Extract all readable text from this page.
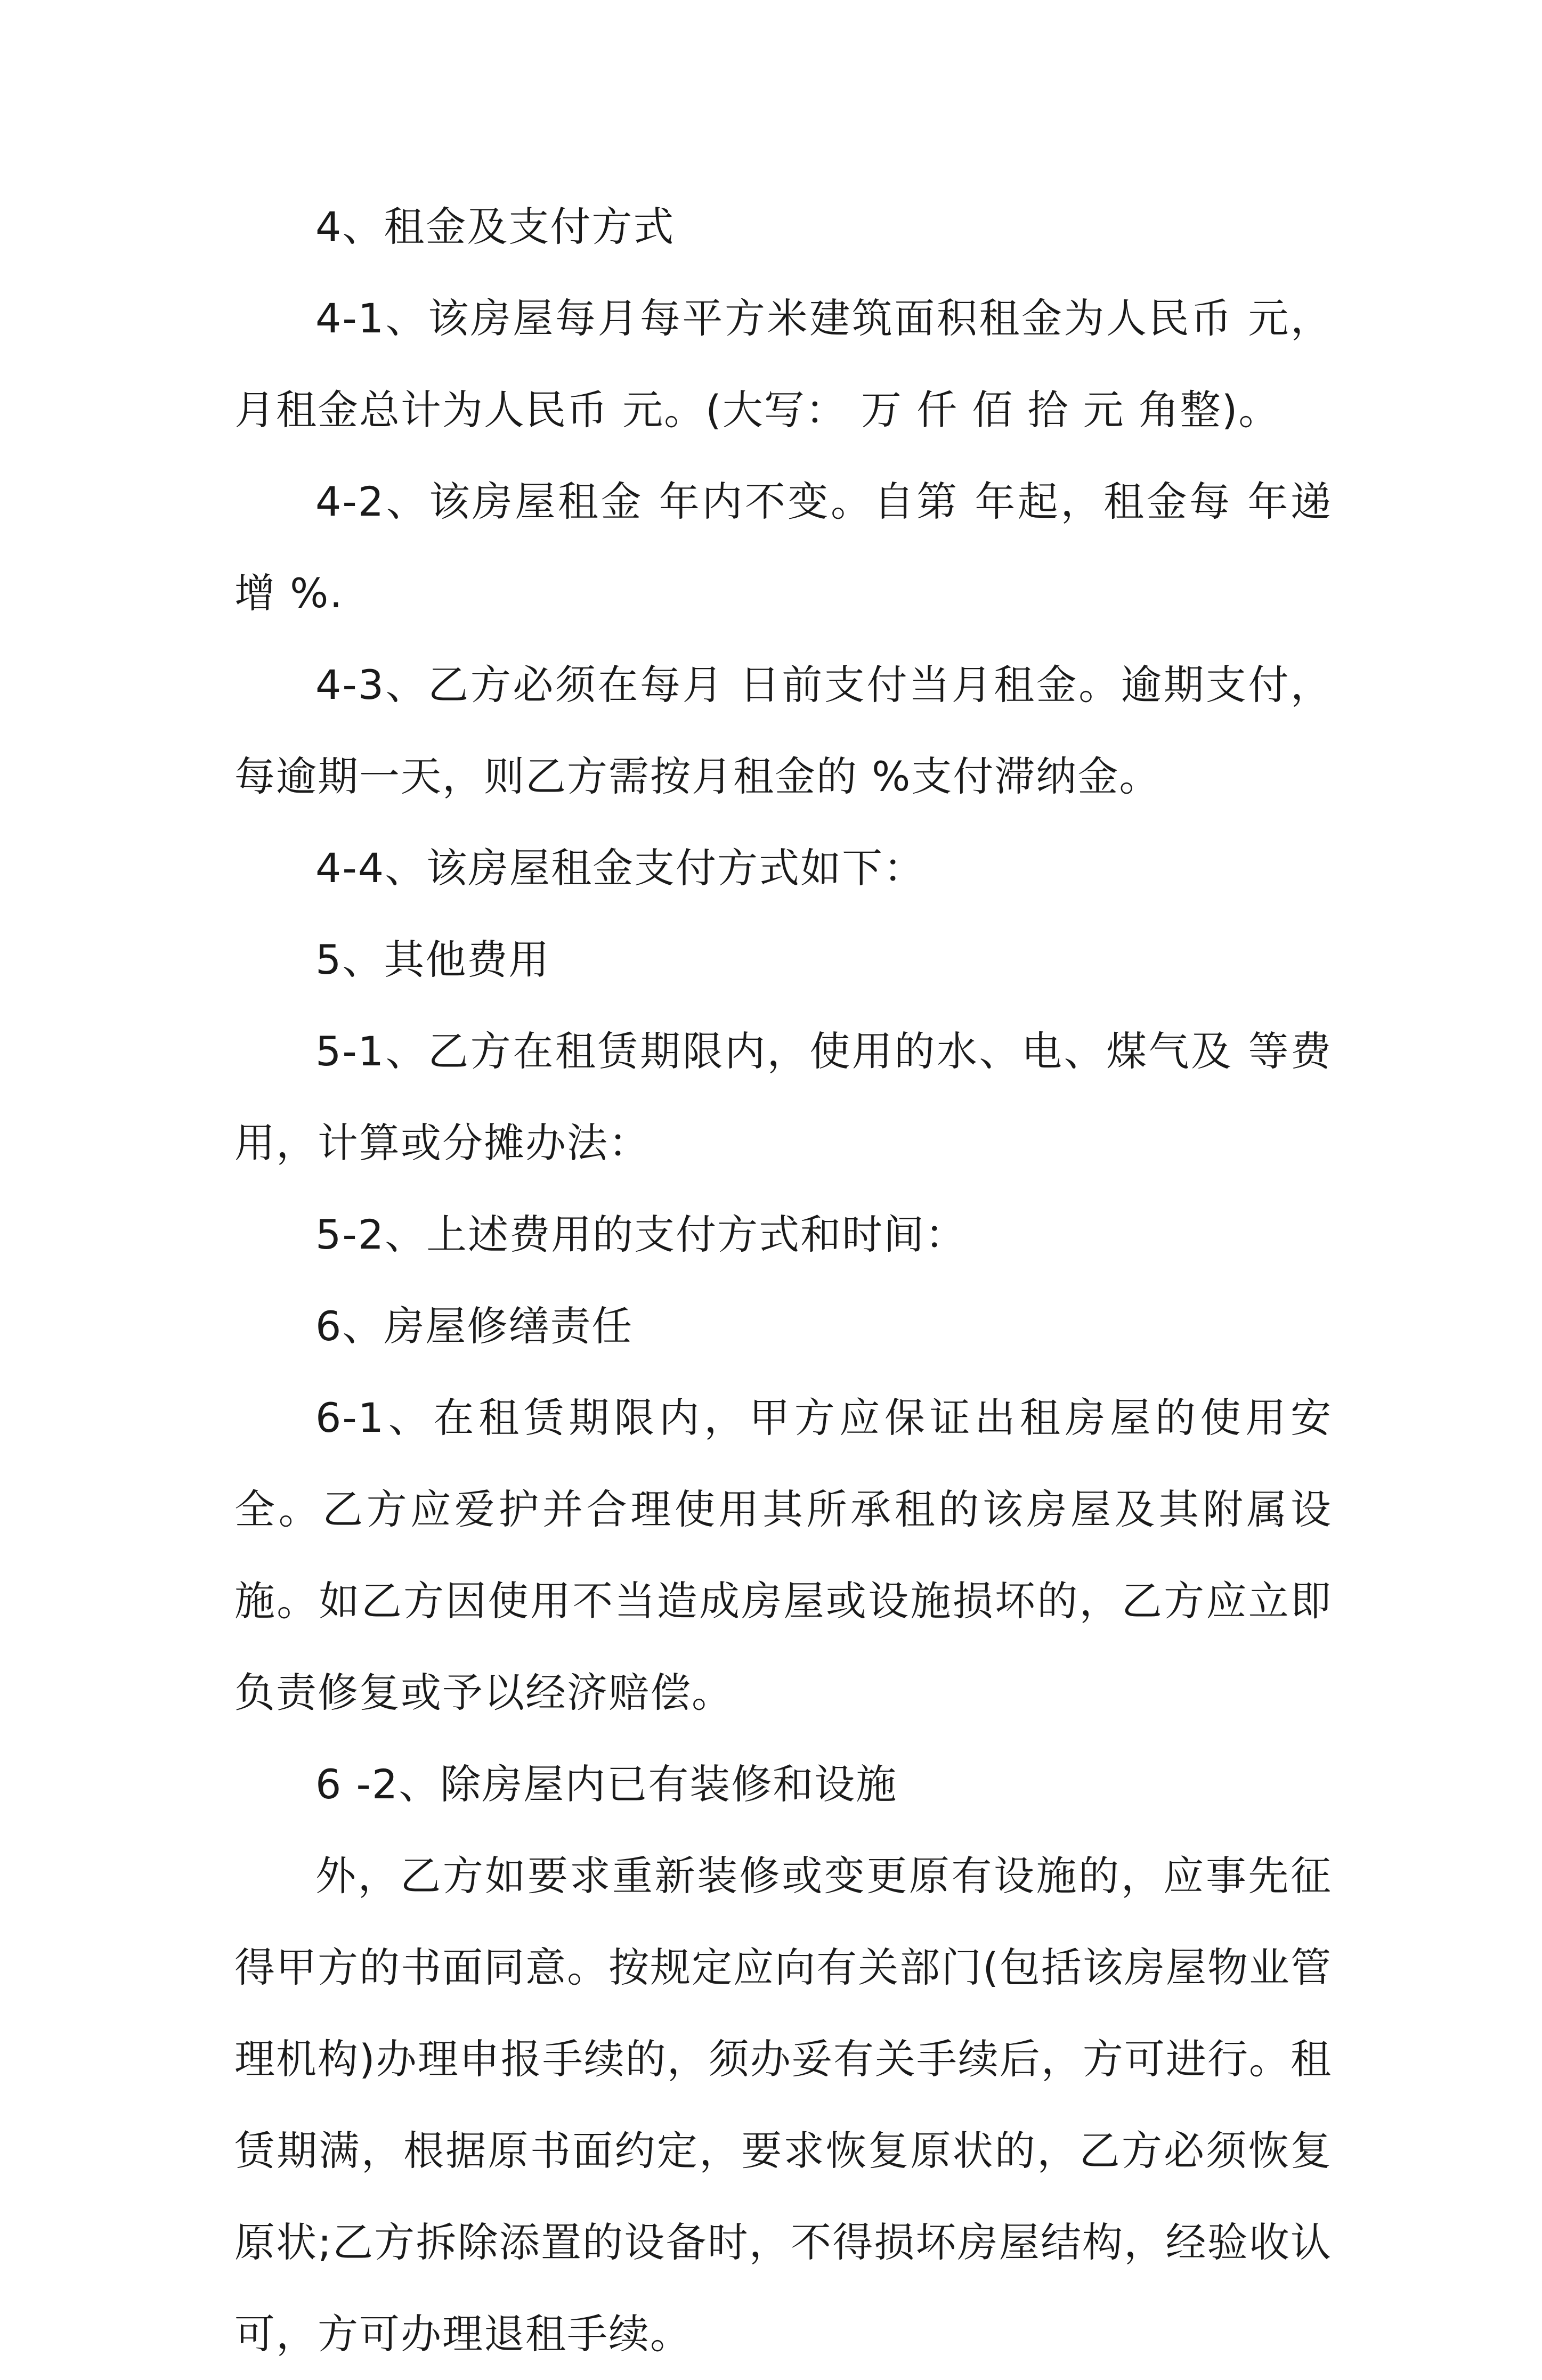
4、租金及支付方式

4-1、该房屋每月每平方米建筑面积租金为人民币 元，月租金总计为人民币 元。(大写： 万 仟 佰 拾 元 角整)。

4-2、该房屋租金 年内不变。自第 年起，租金每 年递增 %.

4-3、乙方必须在每月 日前支付当月租金。逾期支付，每逾期一天，则乙方需按月租金的 %支付滞纳金。

4-4、该房屋租金支付方式如下：

5、其他费用

5-1、乙方在租赁期限内，使用的水、电、煤气及 等费用，计算或分摊办法：

5-2、上述费用的支付方式和时间：

6、房屋修缮责任

6-1、在租赁期限内，甲方应保证出租房屋的使用安全。乙方应爱护并合理使用其所承租的该房屋及其附属设施。如乙方因使用不当造成房屋或设施损坏的，乙方应立即负责修复或予以经济赔偿。

6 -2、除房屋内已有装修和设施

外，乙方如要求重新装修或变更原有设施的，应事先征得甲方的书面同意。按规定应向有关部门(包括该房屋物业管理机构)办理申报手续的，须办妥有关手续后，方可进行。租赁期满，根据原书面约定，要求恢复原状的，乙方必须恢复原状;乙方拆除添置的设备时，不得损坏房屋结构，经验收认可，方可办理退租手续。
